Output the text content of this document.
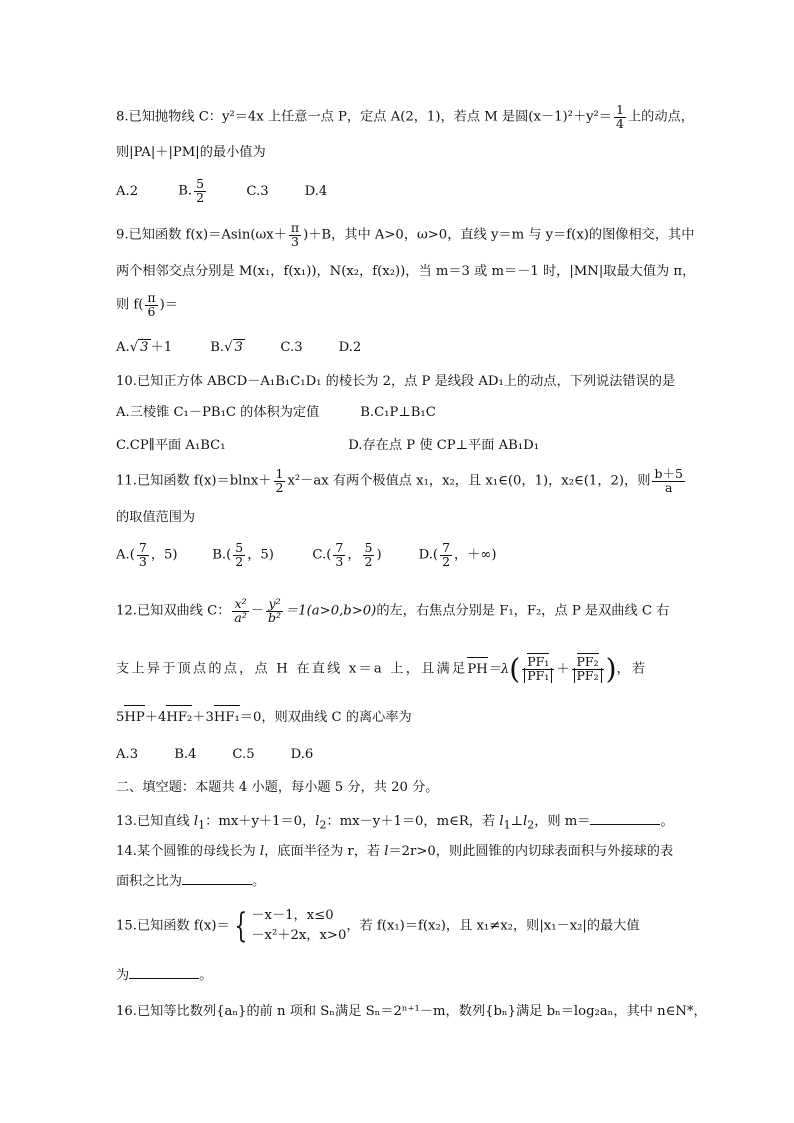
8.已知抛物线 C：y²＝4x 上任意一点 P，定点 A(2，1)，若点 M 是圆$(x-1)^2+y^2= \frac{1}{4}$ 上的动点，
则|PA|＋|PM|的最小值为
A.2	B. $\frac{5}{2}$	C.3	D.4
9.已知函数 $f(x)=Asin(\omega x+ \frac{\pi}{3} )+B$，其中 A>0，ω>0，直线 y＝m 与 y＝f(x)的图像相交，其中
两个相邻交点分别是 M(x₁，f(x₁))，N(x₂，f(x₂))，当 m＝3 或 m＝－1 时，|MN|取最大值为 π，
则 $f( \frac{\pi}{6}$ )＝
A.√ 3 ＋1	B.√ 3	C.3	D.2
10.已知正方体 ABCD－A₁B₁C₁D₁ 的棱长为 2，点 P 是线段 AD₁上的动点，下列说法错误的是
A.三棱锥 C₁－PB₁C 的体积为定值	B.C₁P⊥B₁C
C.CP∥平面 A₁BC₁	D.存在点 P 使 CP⊥平面 AB₁D₁
11.已知函数 $f(x)=blnx+ \frac{1}{2} x^2-ax$ 有两个极值点 x₁，x₂，且 x₁∈(0，1)，x₂∈(1，2)，则 $\frac{b+5}{a}$
的取值范围为
$A.( \frac{7}{3}$ ，5)	$B.( \frac{5}{2}$ ，5)	$C.( \frac{7}{3}$ ， $\frac{5}{2}$ )	$D.( \frac{7}{2}$ ，＋∞)
12.已知双曲线 C： $\frac{\text{x²}}{\text{a²}} - \frac{\text{y²}}{\text{b²}} =1(a>0,b>0)$的左，右焦点分别是 F₁，F₂，点 P 是双曲线 C 右
支上异于顶点的点，点 H 在直线 x＝a 上，且满足$PH=\lambda( \frac{\text{PF₁}}{\text{PF₁}} + \frac{\text{PF₂}}{\text{PF₂}}$ )，若
5HP＋4HF₂＋3HF₁＝0，则双曲线 C 的离心率为
A.3	B.4	C.5	D.6
二、填空题：本题共 4 小题，每小题 5 分，共 20 分。
13.已知直线 $l_1$：mx＋y＋1＝0，$l_2$：mx－y＋1＝0，m∈R，若 $l_1\perp l_2$，则 m＝	。
14.某个圆锥的母线长为 l，底面半径为 r，若 l＝2r>0，则此圆锥的内切球表面积与外接球的表
面积之比为	。
15.已知函数 f(x)＝ { －x－1，x≤0
－x²＋2x，x>0
，若 f(x₁)＝f(x₂)，且 x₁≠x₂，则|x₁－x₂|的最大值
为	。
16.已知等比数列{aₙ}的前 n 项和 Sₙ满足 Sₙ＝2ⁿ⁺¹－m，数列{bₙ}满足 bₙ＝log₂aₙ，其中 n∈N*，
